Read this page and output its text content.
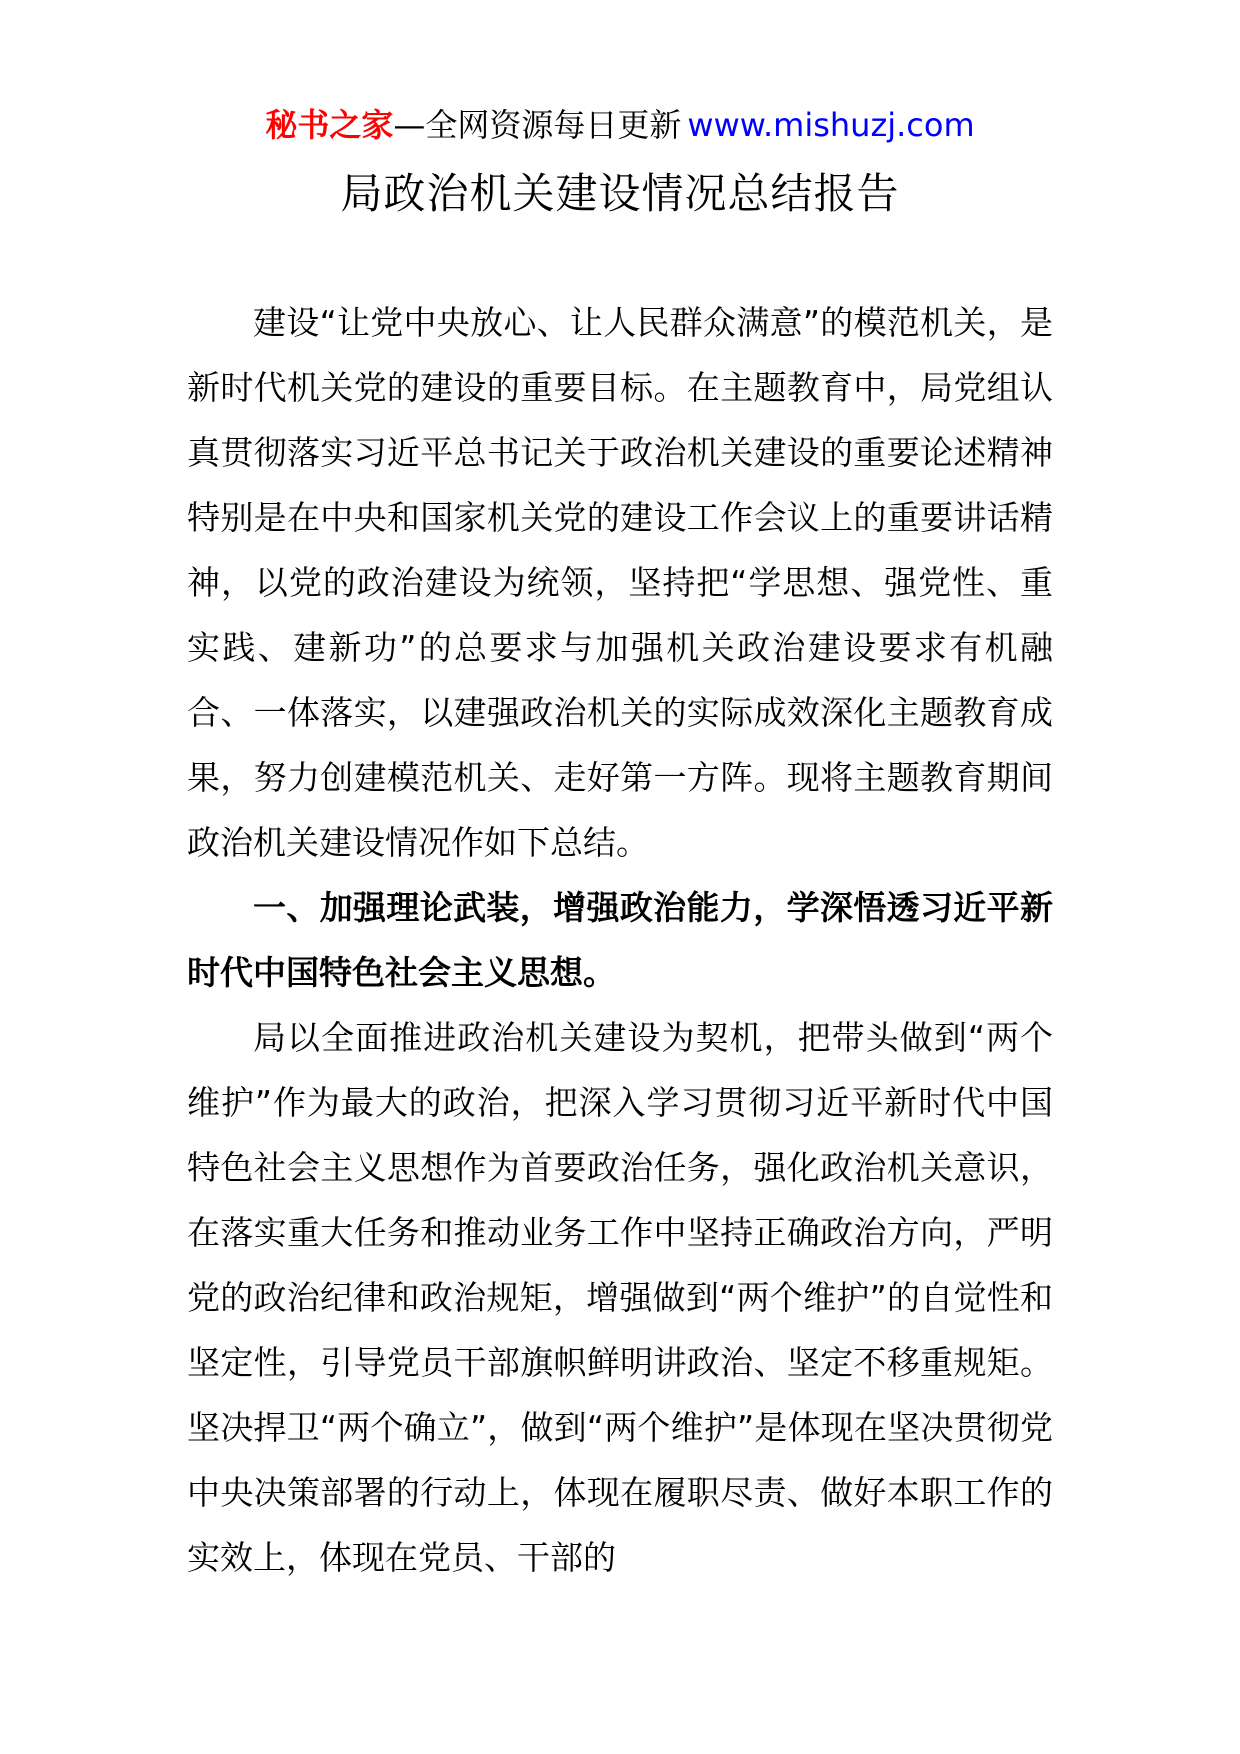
秘书之家—全网资源每日更新 www.mishuzj.com
局政治机关建设情况总结报告

建设“让党中央放心、让人民群众满意”的模范机关，是新时代机关党的建设的重要目标。在主题教育中，局党组认真贯彻落实习近平总书记关于政治机关建设的重要论述精神特别是在中央和国家机关党的建设工作会议上的重要讲话精神，以党的政治建设为统领，坚持把“学思想、强党性、重实践、建新功”的总要求与加强机关政治建设要求有机融合、一体落实，以建强政治机关的实际成效深化主题教育成果，努力创建模范机关、走好第一方阵。现将主题教育期间政治机关建设情况作如下总结。

一、加强理论武装，增强政治能力，学深悟透习近平新时代中国特色社会主义思想。

局以全面推进政治机关建设为契机，把带头做到“两个维护”作为最大的政治，把深入学习贯彻习近平新时代中国特色社会主义思想作为首要政治任务，强化政治机关意识，在落实重大任务和推动业务工作中坚持正确政治方向，严明党的政治纪律和政治规矩，增强做到“两个维护”的自觉性和坚定性，引导党员干部旗帜鲜明讲政治、坚定不移重规矩。坚决捍卫“两个确立”，做到“两个维护”是体现在坚决贯彻党中央决策部署的行动上，体现在履职尽责、做好本职工作的实效上，体现在党员、干部的
